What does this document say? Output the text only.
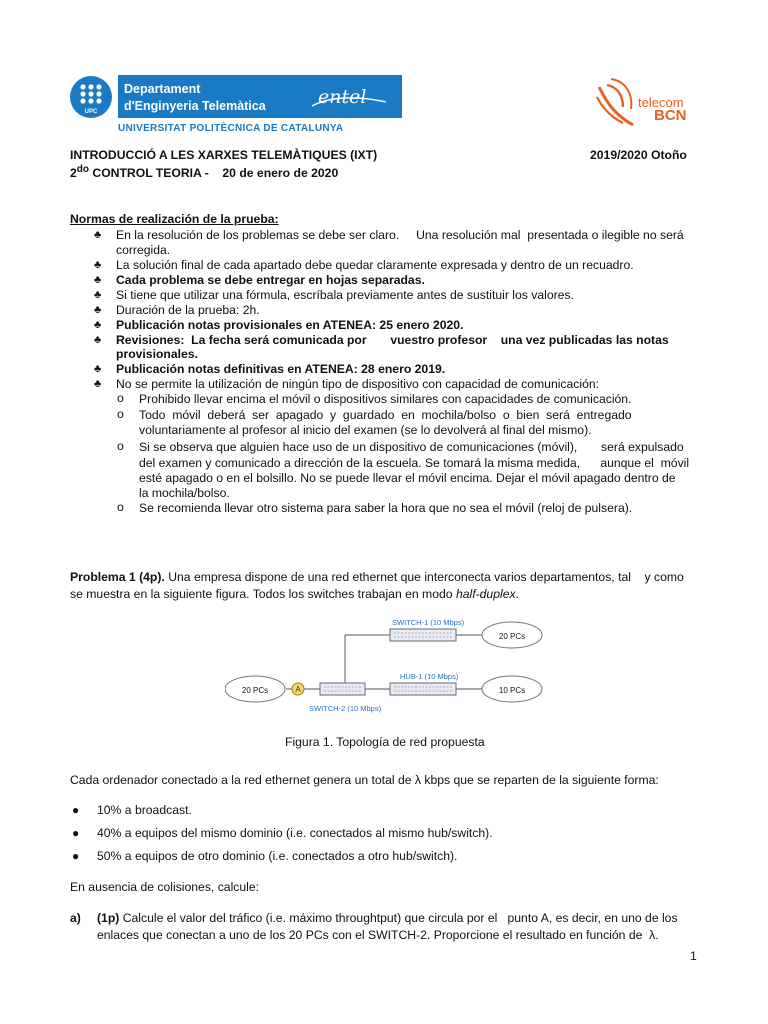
UPC
Departament
d'Enginyeria Telemàtica	entel
UNIVERSITAT POLITÈCNICA DE CATALUNYA
telecom
BCN
INTRODUCCIÓ A LES XARXES TELEMÀTIQUES (IXT)	2019/2020 Otoño
$2^{do}$ CONTROL TEORIA -    20 de enero de 2020
Normas de realización de la prueba:
♣ En la resolución de los problemas se debe ser claro.     Una resolución mal  presentada o ilegible no será
corregida.
♣ La solución final de cada apartado debe quedar claramente expresada y dentro de un recuadro.
♣ Cada problema se debe entregar en hojas separadas.
♣ Si tiene que utilizar una fórmula, escríbala previamente antes de sustituir los valores.
♣ Duración de la prueba: 2h.
♣ Publicación notas provisionales en ATENEA: 25 enero 2020.
♣ Revisiones:  La fecha será comunicada por       vuestro profesor    una vez publicadas las notas
provisionales.
♣ Publicación notas definitivas en ATENEA: 28 enero 2019.
♣ No se permite la utilización de ningún tipo de dispositivo con capacidad de comunicación:
o Prohibido llevar encima el móvil o dispositivos similares con capacidades de comunicación.
o Todo  móvil  deberá  ser  apagado  y  guardado  en  mochila/bolso  o  bien  será  entregado
voluntariamente al profesor al inicio del examen (se lo devolverá al final del mismo).
o Si se observa que alguien hace uso de un dispositivo de comunicaciones (móvil),       será expulsado
del examen y comunicado a dirección de la escuela. Se tomará la misma medida,      aunque el  móvil
esté apagado o en el bolsillo. No se puede llevar el móvil encima. Dejar el móvil apagado dentro de
la mochila/bolso.
o Se recomienda llevar otro sistema para saber la hora que no sea el móvil (reloj de pulsera).
Problema 1 (4p). Una empresa dispone de una red ethernet que interconecta varios departamentos, tal    y como
se muestra en la siguiente figura. Todos los switches trabajan en modo half-duplex.
20 PCs
20 PCs
10 PCs
A
SWITCH-2 (10 Mbps)
SWITCH-1 (10 Mbps)
HUB-1 (10 Mbps)
Figura 1. Topología de red propuesta
Cada ordenador conectado a la red ethernet genera un total de λ kbps que se reparten de la siguiente forma:
● 10% a broadcast.
● 40% a equipos del mismo dominio (i.e. conectados al mismo hub/switch).
● 50% a equipos de otro dominio (i.e. conectados a otro hub/switch).
En ausencia de colisiones, calcule:
a) (1p) Calcule el valor del tráfico (i.e. máximo throughtput) que circula por el   punto A, es decir, en uno de los
enlaces que conectan a uno de los 20 PCs con el SWITCH-2. Proporcione el resultado en función de  λ.
1
